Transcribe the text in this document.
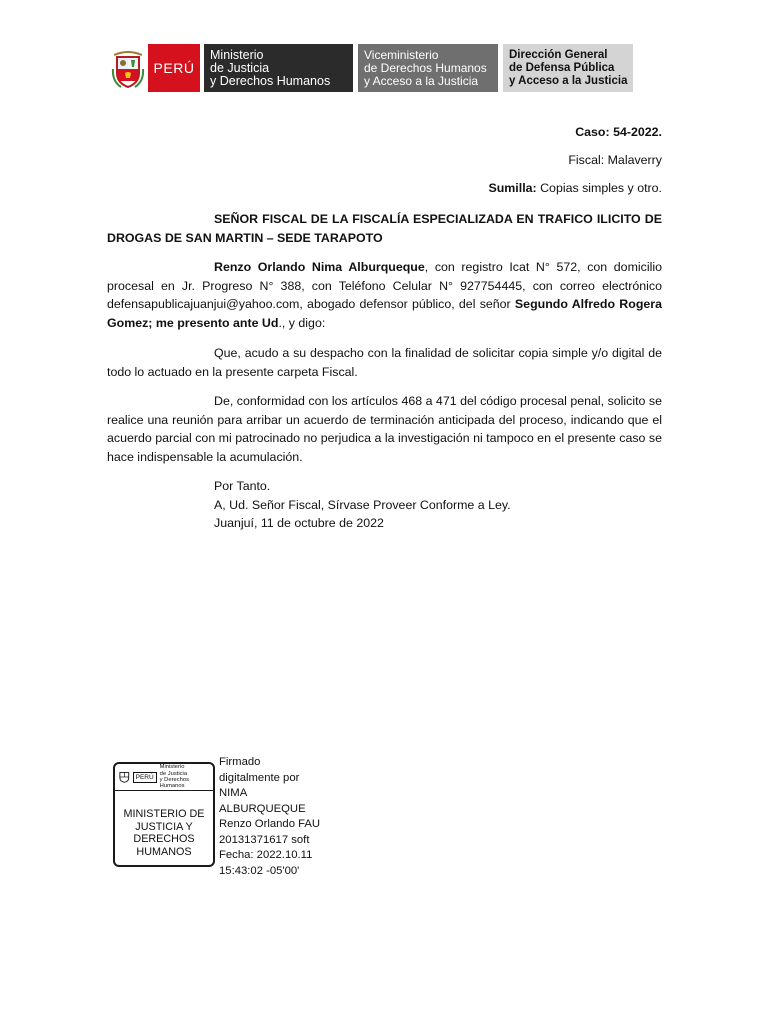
PERÚ
Ministerio
de Justicia
y Derechos Humanos
Viceministerio
de Derechos Humanos
y Acceso a la Justicia
Dirección General
de Defensa Pública
y Acceso a la Justicia
Caso: 54-2022.
Fiscal: Malaverry
Sumilla: Copias simples y otro.
SEÑOR FISCAL DE LA FISCALÍA ESPECIALIZADA EN TRAFICO ILICITO DE DROGAS DE SAN MARTIN – SEDE TARAPOTO
Renzo Orlando Nima Alburqueque, con registro Icat N° 572, con domicilio procesal en Jr. Progreso N° 388, con Teléfono Celular N° 927754445, con correo electrónico defensapublicajuanjui@yahoo.com, abogado defensor público, del señor Segundo Alfredo Rogera Gomez; me presento ante Ud., y digo:
Que, acudo a su despacho con la finalidad de solicitar copia simple y/o digital de todo lo actuado en la presente carpeta Fiscal.
De, conformidad con los artículos 468 a 471 del código procesal penal, solicito se realice una reunión para arribar un acuerdo de terminación anticipada del proceso, indicando que el acuerdo parcial con mi patrocinado no perjudica a la investigación ni tampoco en el presente caso se hace indispensable la acumulación.

Por Tanto.

A, Ud. Señor Fiscal, Sírvase Proveer Conforme a Ley.

Juanjuí, 11 de octubre de 2022

PERÚ
Ministerio
de Justicia
y Derechos Humanos
MINISTERIO DE
JUSTICIA Y
DERECHOS
HUMANOS
Firmado
digitalmente por
NIMA
ALBURQUEQUE
Renzo Orlando FAU
20131371617 soft
Fecha: 2022.10.11
15:43:02 -05'00'
